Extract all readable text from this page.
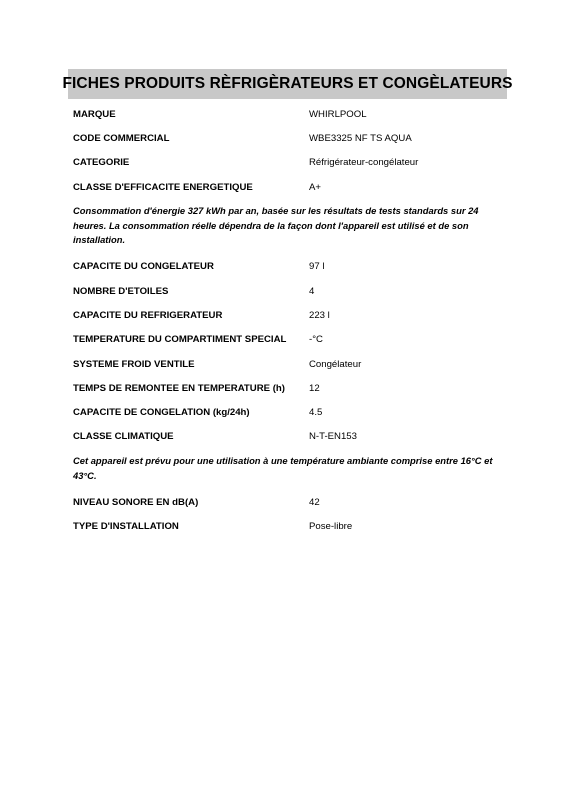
FICHES PRODUITS RÈFRIGÈRATEURS ET CONGÈLATEURS
MARQUE	WHIRLPOOL
CODE COMMERCIAL	WBE3325 NF TS AQUA
CATEGORIE	Réfrigérateur-congélateur
CLASSE D'EFFICACITE ENERGETIQUE	A+
Consommation d'énergie 327 kWh par an, basée sur les résultats de tests standards sur 24 heures. La consommation réelle dépendra de la façon dont l'appareil est utilisé et de son installation.
CAPACITE DU CONGELATEUR	97 l
NOMBRE D'ETOILES	4
CAPACITE DU REFRIGERATEUR	223 l
TEMPERATURE DU COMPARTIMENT SPECIAL	-°C
SYSTEME FROID VENTILE	Congélateur
TEMPS DE REMONTEE EN TEMPERATURE (h)	12
CAPACITE DE CONGELATION (kg/24h)	4.5
CLASSE CLIMATIQUE	N-T-EN153
Cet appareil est prévu pour une utilisation à une température ambiante comprise entre 16°C et 43°C.
NIVEAU SONORE EN dB(A)	42
TYPE D'INSTALLATION	Pose-libre
